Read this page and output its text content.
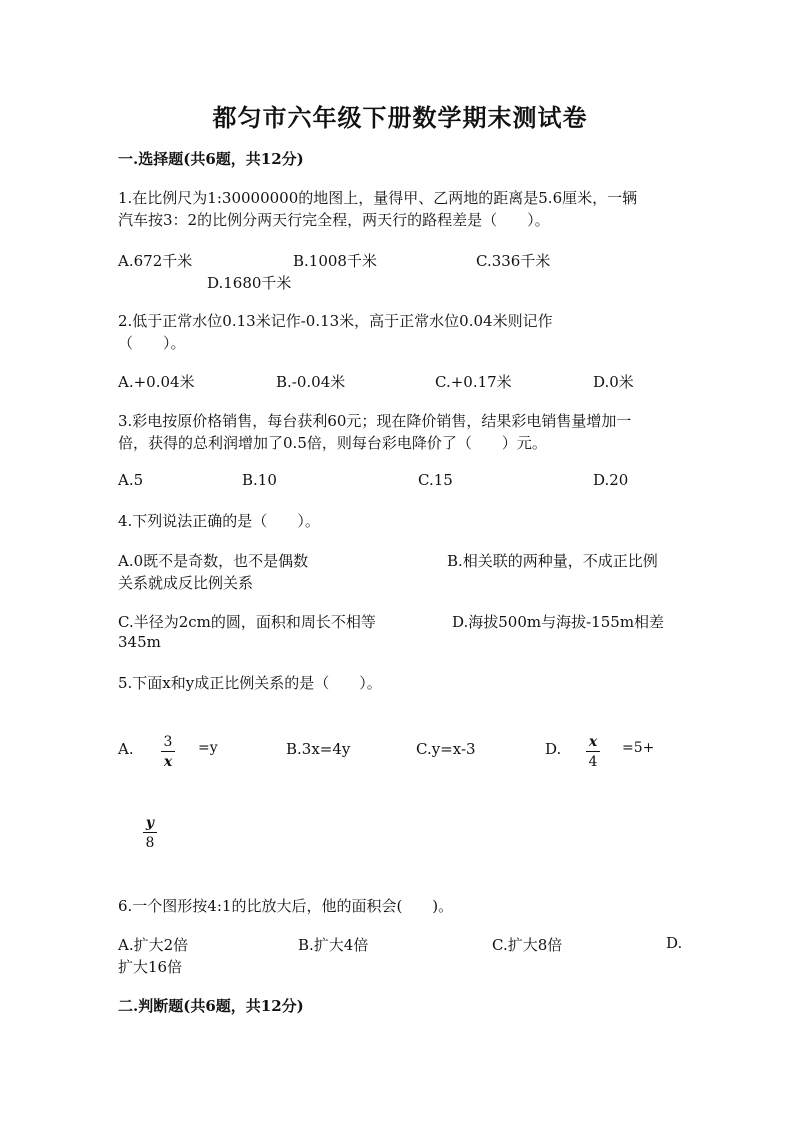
都匀市六年级下册数学期末测试卷
一.选择题(共6题，共12分)
1.在比例尺为1:30000000的地图上，量得甲、乙两地的距离是5.6厘米，一辆
汽车按3：2的比例分两天行完全程，两天行的路程差是（　　）。
A.672千米	B.1008千米	C.336千米
D.1680千米
2.低于正常水位0.13米记作-0.13米，高于正常水位0.04米则记作
（　　）。
A.+0.04米	B.-0.04米	C.+0.17米	D.0米
3.彩电按原价格销售，每台获利60元；现在降价销售，结果彩电销售量增加一
倍，获得的总利润增加了0.5倍，则每台彩电降价了（　　）元。
A.5	B.10	C.15	D.20
4.下列说法正确的是（　　）。
A.0既不是奇数，也不是偶数	B.相关联的两种量，不成正比例
关系就成反比例关系
C.半径为2cm的圆，面积和周长不相等	D.海拔500m与海拔-155m相差
345m
5.下面x和y成正比例关系的是（　　）。
A. 3
x
=y	B.3x=4y	C.y=x-3	D. x
4
=5+
y
8
6.一个图形按4:1的比放大后，他的面积会(　　)。
A.扩大2倍	B.扩大4倍	C.扩大8倍	D.
扩大16倍
二.判断题(共6题，共12分)
